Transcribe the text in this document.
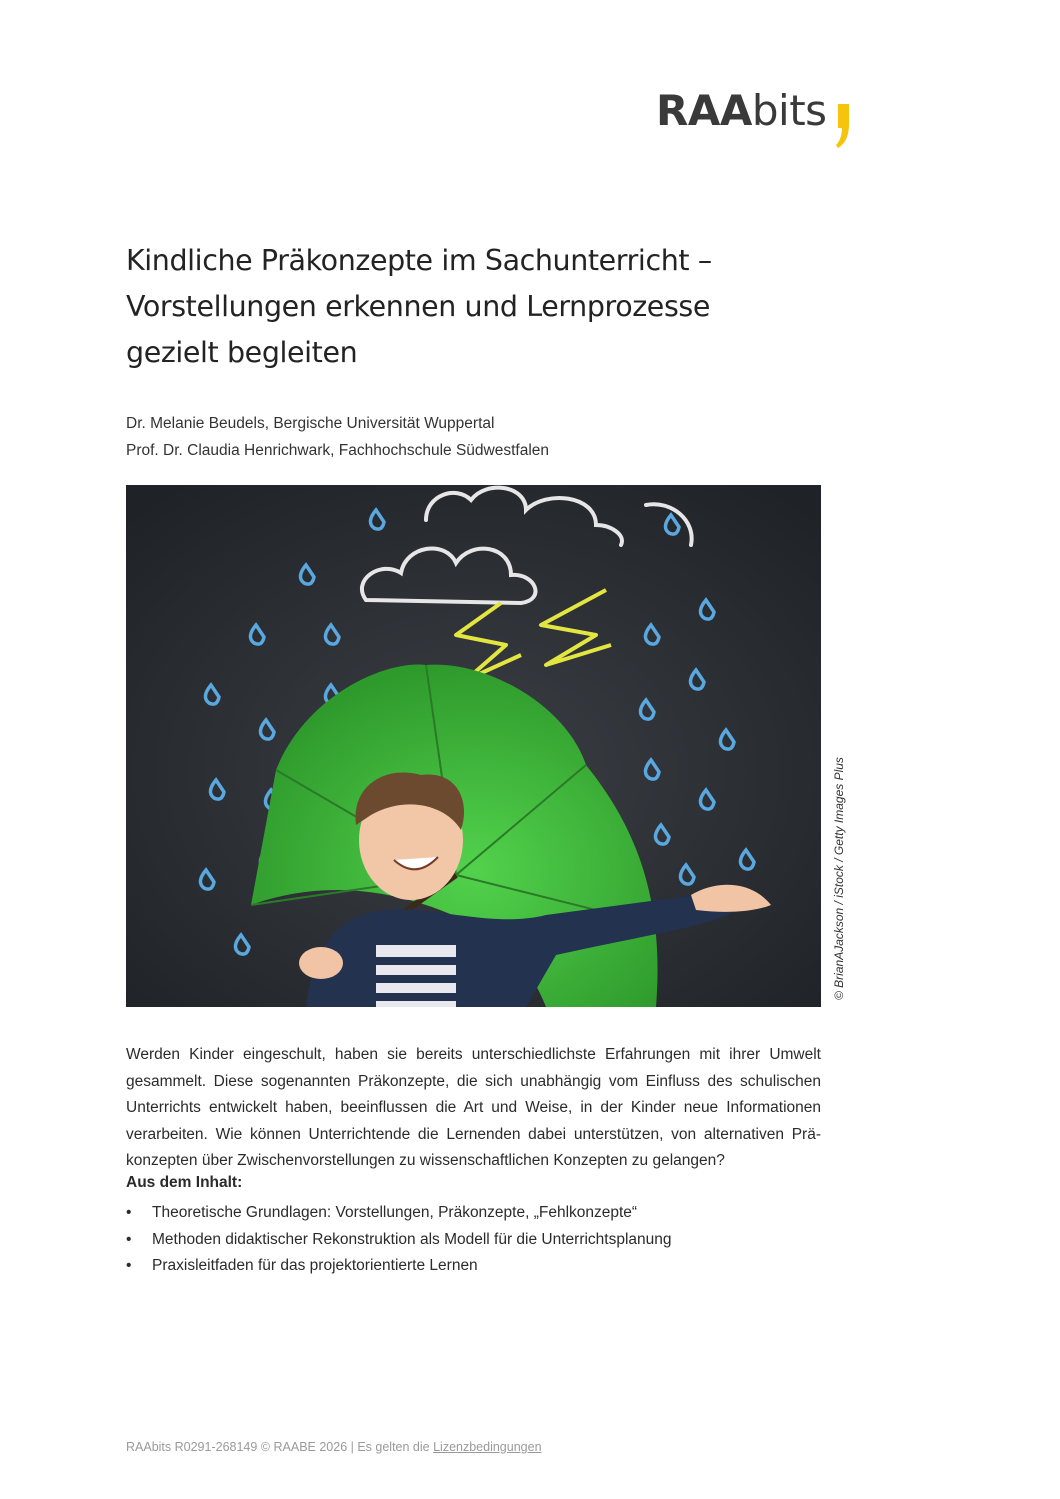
RAA bits
Kindliche Präkonzepte im Sachunterricht –
Vorstellungen erkennen und Lernprozesse
gezielt begleiten
Dr. Melanie Beudels, Bergische Universität Wuppertal
Prof. Dr. Claudia Henrichwark, Fachhochschule Südwestfalen
© BrianAJackson / iStock / Getty Images Plus

Werden Kinder eingeschult, haben sie bereits unterschiedlichste Erfahrungen mit ihrer Umwelt gesammelt. Diese sogenannten Präkonzepte, die sich unabhängig vom Einfluss des schulischen Unterrichts entwickelt haben, beeinflussen die Art und Weise, in der Kinder neue Informationen verarbeiten. Wie können Unterrichtende die Lernenden dabei unterstützen, von alternativen Prä-konzepten über Zwischenvorstellungen zu wissenschaftlichen Konzepten zu gelangen?

Aus dem Inhalt:
• Theoretische Grundlagen: Vorstellungen, Präkonzepte, „Fehlkonzepte“
• Methoden didaktischer Rekonstruktion als Modell für die Unterrichtsplanung
• Praxisleitfaden für das projektorientierte Lernen
RAAbits R0291-268149 © RAABE 2026 | Es gelten die Lizenzbedingungen
